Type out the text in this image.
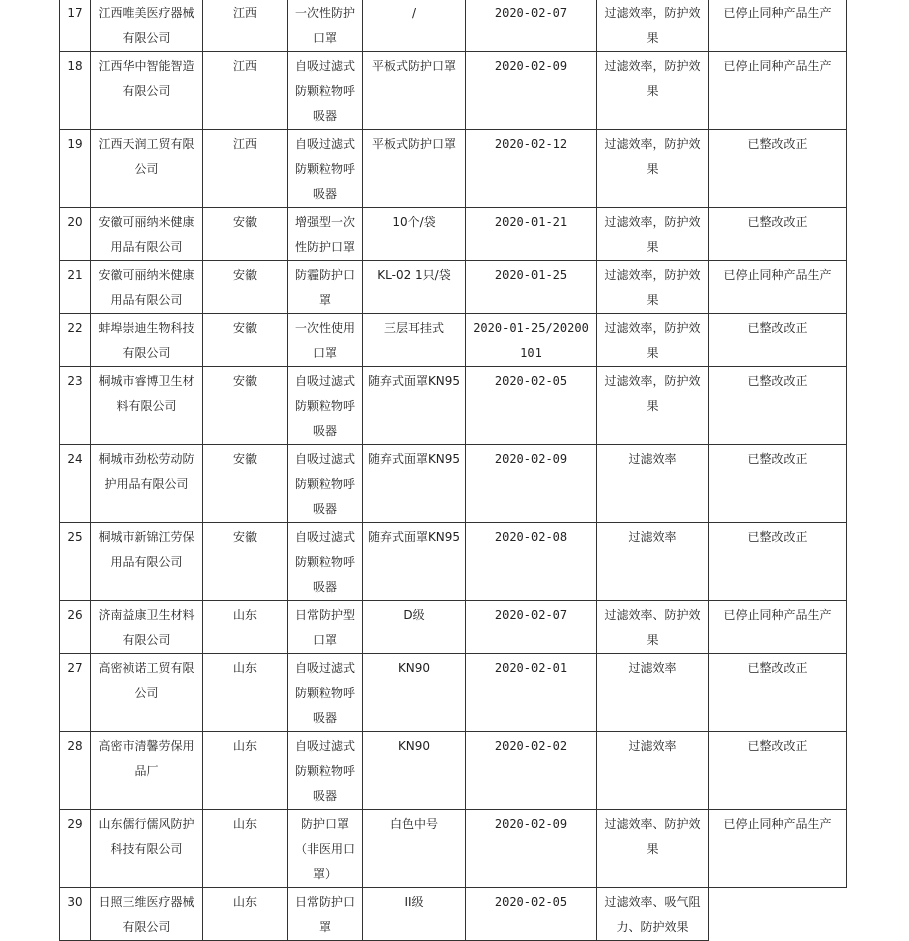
17	江西唯美医疗器械有限公司	江西	一次性防护口罩	/	2020-02-07	过滤效率，防护效果	已停止同种产品生产
18	江西华中智能智造有限公司	江西	自吸过滤式防颗粒物呼吸器	平板式防护口罩	2020-02-09	过滤效率，防护效果	已停止同种产品生产
19	江西天润工贸有限公司	江西	自吸过滤式防颗粒物呼吸器	平板式防护口罩	2020-02-12	过滤效率，防护效果	已整改改正
20	安徽可丽纳米健康用品有限公司	安徽	增强型一次性防护口罩	10个/袋	2020-01-21	过滤效率，防护效果	已整改改正
21	安徽可丽纳米健康用品有限公司	安徽	防霾防护口罩	KL-02 1只/袋	2020-01-25	过滤效率，防护效果	已停止同种产品生产
22	蚌埠崇迪生物科技有限公司	安徽	一次性使用口罩	三层耳挂式	2020-01-25/20200101	过滤效率，防护效果	已整改改正
23	桐城市睿博卫生材料有限公司	安徽	自吸过滤式防颗粒物呼吸器	随弃式面罩KN95	2020-02-05	过滤效率，防护效果	已整改改正
24	桐城市劲松劳动防护用品有限公司	安徽	自吸过滤式防颗粒物呼吸器	随弃式面罩KN95	2020-02-09	过滤效率	已整改改正
25	桐城市新锦江劳保用品有限公司	安徽	自吸过滤式防颗粒物呼吸器	随弃式面罩KN95	2020-02-08	过滤效率	已整改改正
26	济南益康卫生材料有限公司	山东	日常防护型口罩	D级	2020-02-07	过滤效率、防护效果	已停止同种产品生产
27	高密祯诺工贸有限公司	山东	自吸过滤式防颗粒物呼吸器	KN90	2020-02-01	过滤效率	已整改改正
28	高密市清馨劳保用品厂	山东	自吸过滤式防颗粒物呼吸器	KN90	2020-02-02	过滤效率	已整改改正
29	山东儒行儒风防护科技有限公司	山东	防护口罩（非医用口罩）	白色中号	2020-02-09	过滤效率、防护效果	已停止同种产品生产
30	日照三维医疗器械有限公司	山东	日常防护口罩	II级	2020-02-05	过滤效率、吸气阻力、防护效果	
